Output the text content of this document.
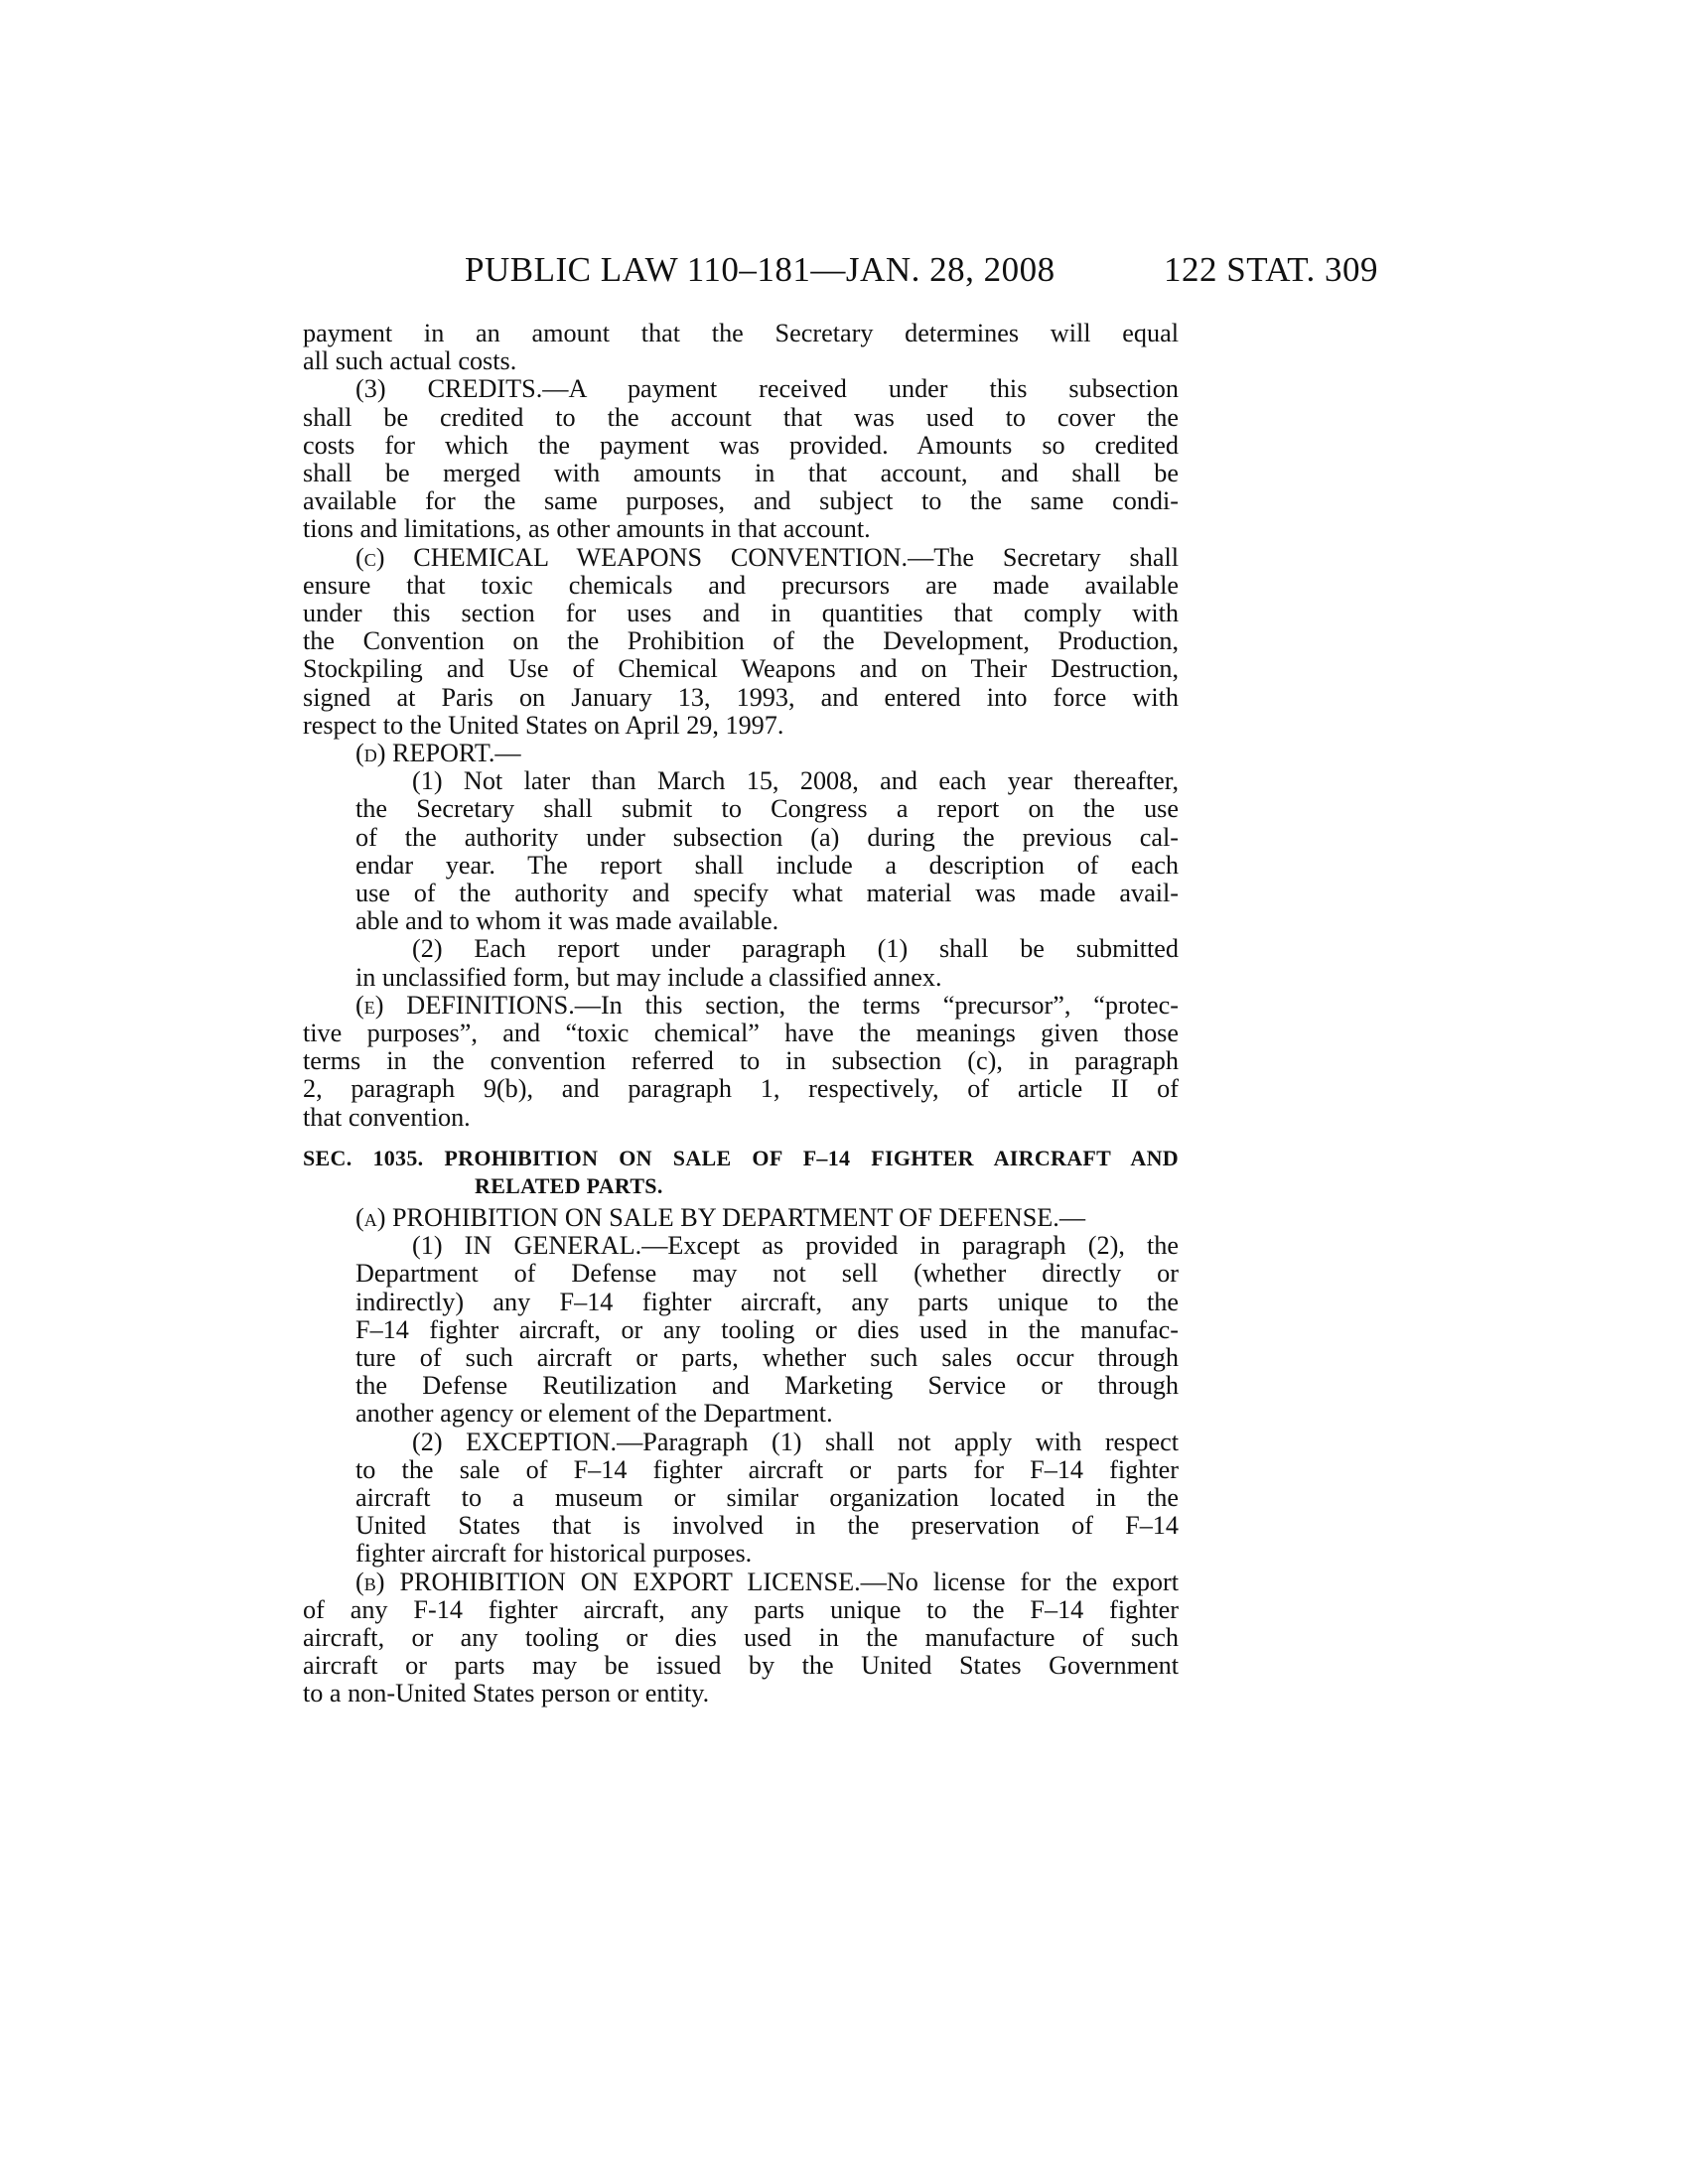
PUBLIC LAW 110–181—JAN. 28, 2008	122 STAT. 309
payment in an amount that the Secretary determines will equal
all such actual costs.
(3) CREDITS.—A payment received under this subsection
shall be credited to the account that was used to cover the
costs for which the payment was provided. Amounts so credited
shall be merged with amounts in that account, and shall be
available for the same purposes, and subject to the same condi-
tions and limitations, as other amounts in that account.
(c) CHEMICAL WEAPONS CONVENTION.—The Secretary shall
ensure that toxic chemicals and precursors are made available
under this section for uses and in quantities that comply with
the Convention on the Prohibition of the Development, Production,
Stockpiling and Use of Chemical Weapons and on Their Destruction,
signed at Paris on January 13, 1993, and entered into force with
respect to the United States on April 29, 1997.
(d) REPORT.—
(1) Not later than March 15, 2008, and each year thereafter,
the Secretary shall submit to Congress a report on the use
of the authority under subsection (a) during the previous cal-
endar year. The report shall include a description of each
use of the authority and specify what material was made avail-
able and to whom it was made available.
(2) Each report under paragraph (1) shall be submitted
in unclassified form, but may include a classified annex.
(e) DEFINITIONS.—In this section, the terms “precursor”, “protec-
tive purposes”, and “toxic chemical” have the meanings given those
terms in the convention referred to in subsection (c), in paragraph
2, paragraph 9(b), and paragraph 1, respectively, of article II of
that convention.
SEC. 1035. PROHIBITION ON SALE OF F–14 FIGHTER AIRCRAFT AND
RELATED PARTS.
(a) PROHIBITION ON SALE BY DEPARTMENT OF DEFENSE.—
(1) IN GENERAL.—Except as provided in paragraph (2), the
Department of Defense may not sell (whether directly or
indirectly) any F–14 fighter aircraft, any parts unique to the
F–14 fighter aircraft, or any tooling or dies used in the manufac-
ture of such aircraft or parts, whether such sales occur through
the Defense Reutilization and Marketing Service or through
another agency or element of the Department.
(2) EXCEPTION.—Paragraph (1) shall not apply with respect
to the sale of F–14 fighter aircraft or parts for F–14 fighter
aircraft to a museum or similar organization located in the
United States that is involved in the preservation of F–14
fighter aircraft for historical purposes.
(b) PROHIBITION ON EXPORT LICENSE.—No license for the export
of any F-14 fighter aircraft, any parts unique to the F–14 fighter
aircraft, or any tooling or dies used in the manufacture of such
aircraft or parts may be issued by the United States Government
to a non-United States person or entity.
